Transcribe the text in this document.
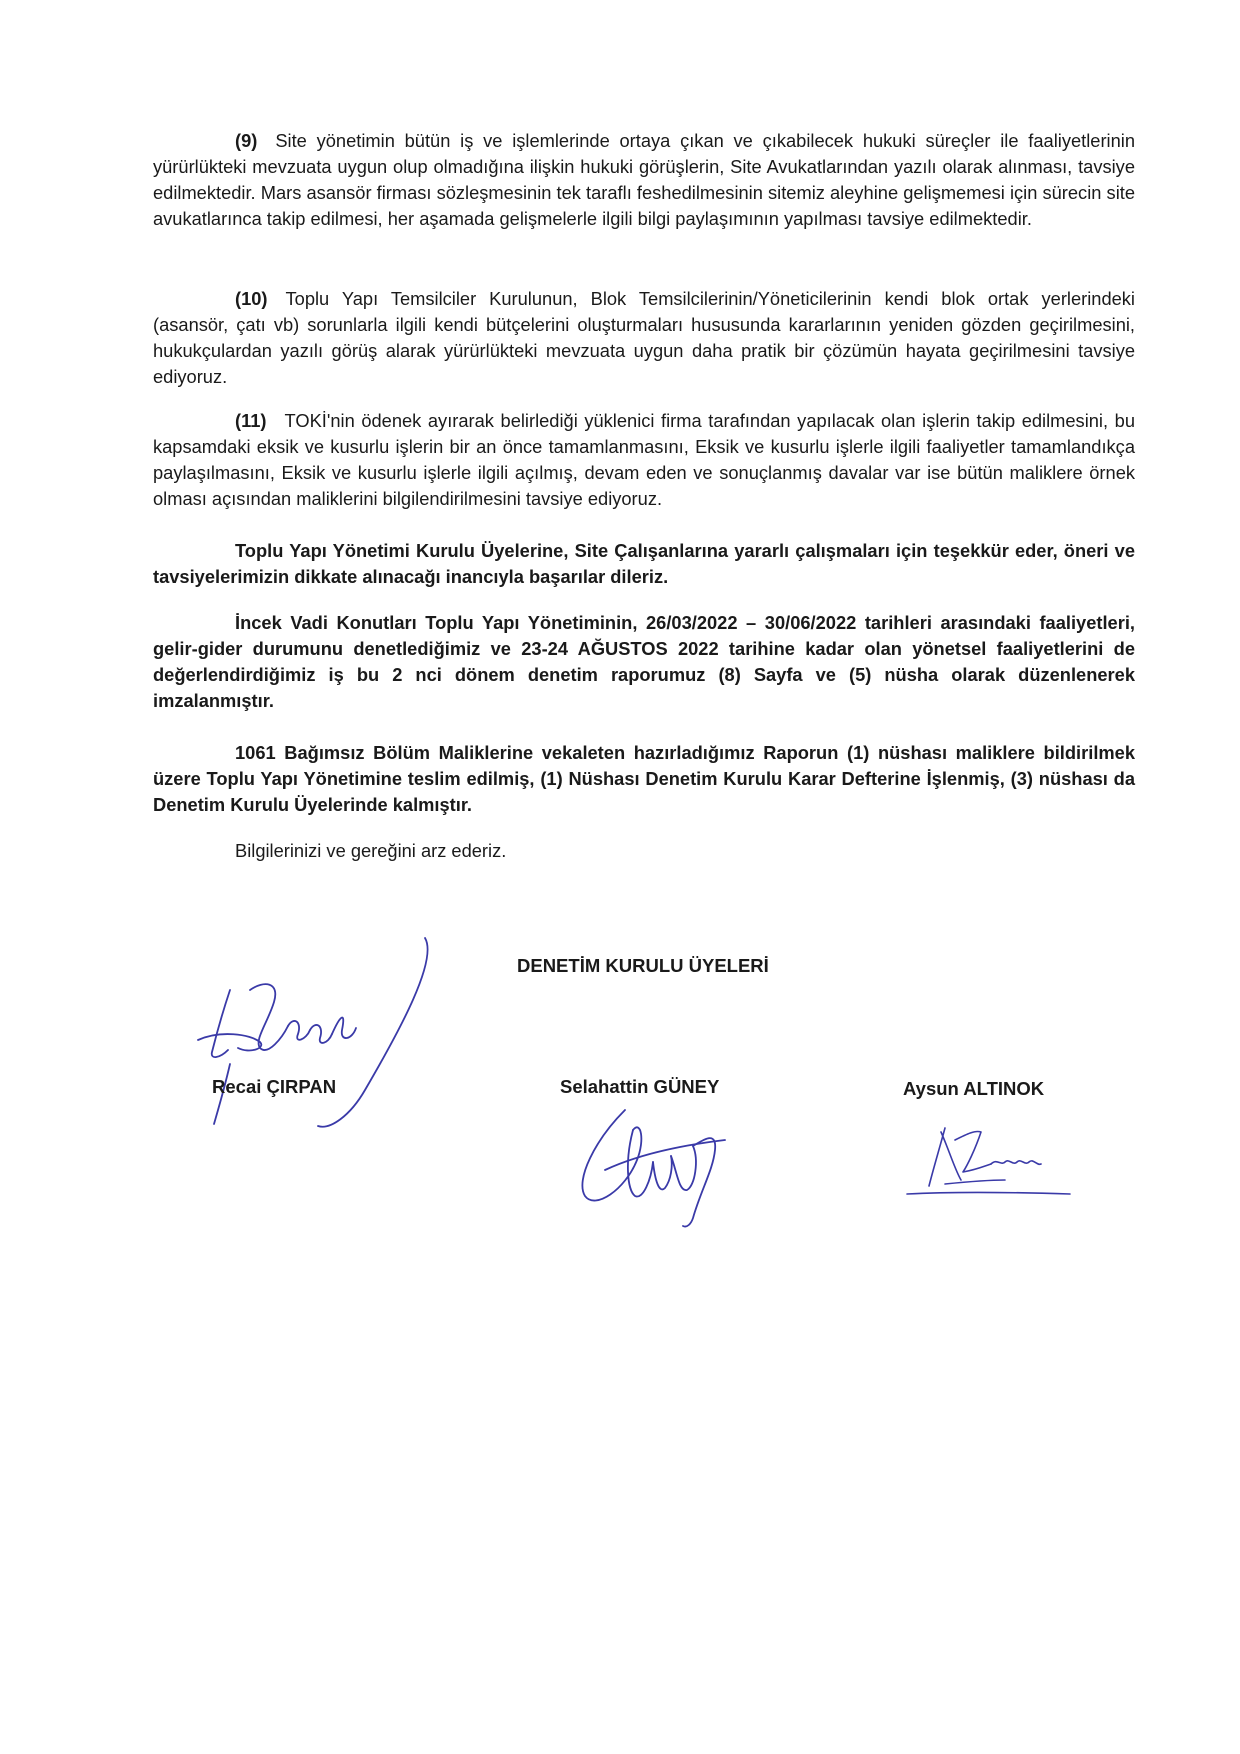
(9) Site yönetimin bütün iş ve işlemlerinde ortaya çıkan ve çıkabilecek hukuki süreçler ile faaliyetlerinin yürürlükteki mevzuata uygun olup olmadığına ilişkin hukuki görüşlerin, Site Avukatlarından yazılı olarak alınması, tavsiye edilmektedir. Mars asansör firması sözleşmesinin tek taraflı feshedilmesinin sitemiz aleyhine gelişmemesi için sürecin site avukatlarınca takip edilmesi, her aşamada gelişmelerle ilgili bilgi paylaşımının yapılması tavsiye edilmektedir.

(10) Toplu Yapı Temsilciler Kurulunun, Blok Temsilcilerinin/Yöneticilerinin kendi blok ortak yerlerindeki (asansör, çatı vb) sorunlarla ilgili kendi bütçelerini oluşturmaları hususunda kararlarının yeniden gözden geçirilmesini, hukukçulardan yazılı görüş alarak yürürlükteki mevzuata uygun daha pratik bir çözümün hayata geçirilmesini tavsiye ediyoruz.

(11) TOKİ'nin ödenek ayırarak belirlediği yüklenici firma tarafından yapılacak olan işlerin takip edilmesini, bu kapsamdaki eksik ve kusurlu işlerin bir an önce tamamlanmasını, Eksik ve kusurlu işlerle ilgili faaliyetler tamamlandıkça paylaşılmasını, Eksik ve kusurlu işlerle ilgili açılmış, devam eden ve sonuçlanmış davalar var ise bütün maliklere örnek olması açısından maliklerini bilgilendirilmesini tavsiye ediyoruz.

Toplu Yapı Yönetimi Kurulu Üyelerine, Site Çalışanlarına yararlı çalışmaları için teşekkür eder, öneri ve tavsiyelerimizin dikkate alınacağı inancıyla başarılar dileriz.

İncek Vadi Konutları Toplu Yapı Yönetiminin, 26/03/2022 – 30/06/2022 tarihleri arasındaki faaliyetleri, gelir-gider durumunu denetlediğimiz ve 23-24 AĞUSTOS 2022 tarihine kadar olan yönetsel faaliyetlerini de değerlendirdiğimiz iş bu 2 nci dönem denetim raporumuz (8) Sayfa ve (5) nüsha olarak düzenlenerek imzalanmıştır.

1061 Bağımsız Bölüm Maliklerine vekaleten hazırladığımız Raporun (1) nüshası maliklere bildirilmek üzere Toplu Yapı Yönetimine teslim edilmiş, (1) Nüshası Denetim Kurulu Karar Defterine İşlenmiş, (3) nüshası da Denetim Kurulu Üyelerinde kalmıştır.

Bilgilerinizi ve gereğini arz ederiz.

DENETİM KURULU ÜYELERİ
Recai ÇIRPAN	Selahattin GÜNEY	Aysun ALTINOK
